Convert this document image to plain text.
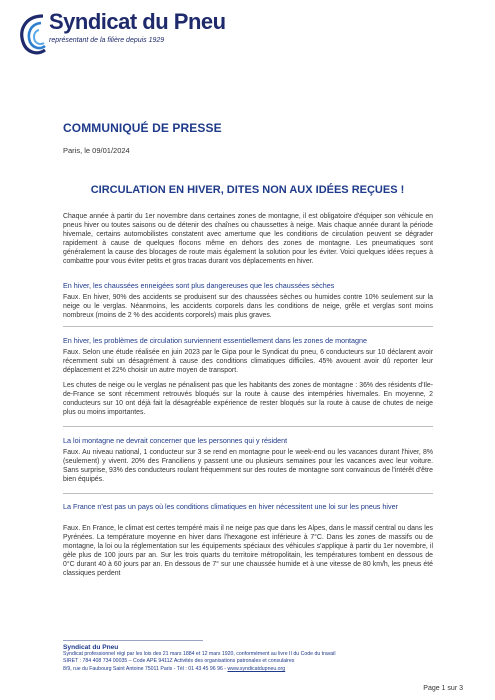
Syndicat du Pneu
représentant de la filière depuis 1929
COMMUNIQUÉ DE PRESSE
Paris, le 09/01/2024
CIRCULATION EN HIVER, DITES NON AUX IDÉES REÇUES !
Chaque année à partir du 1er novembre dans certaines zones de montagne, il est obligatoire d'équiper son véhicule en pneus hiver ou toutes saisons ou de détenir des chaînes ou chaussettes à neige. Mais chaque année durant la période hivernale, certains automobilistes constatent avec amertume que les conditions de circulation peuvent se dégrader rapidement à cause de quelques flocons même en dehors des zones de montagne. Les pneumatiques sont généralement la cause des blocages de route mais également la solution pour les éviter. Voici quelques idées reçues à combattre pour vous éviter petits et gros tracas durant vos déplacements en hiver.
En hiver, les chaussées enneigées sont plus dangereuses que les chaussées sèches
Faux. En hiver, 90% des accidents se produisent sur des chaussées sèches ou humides contre 10% seulement sur la neige ou le verglas. Néanmoins, les accidents corporels dans les conditions de neige, grêle et verglas sont moins nombreux (moins de 2 % des accidents corporels) mais plus graves.
En hiver, les problèmes de circulation surviennent essentiellement dans les zones de montagne
Faux. Selon une étude réalisée en juin 2023 par le Gipa pour le Syndicat du pneu, 6 conducteurs sur 10 déclarent avoir récemment subi un désagrément à cause des conditions climatiques difficiles. 45% avouent avoir dû reporter leur déplacement et 22% choisir un autre moyen de transport.
Les chutes de neige ou le verglas ne pénalisent pas que les habitants des zones de montagne : 36% des résidents d'Ile-de-France se sont récemment retrouvés bloqués sur la route à cause des intempéries hivernales. En moyenne, 2 conducteurs sur 10 ont déjà fait la désagréable expérience de rester bloqués sur la route à cause de chutes de neige plus ou moins importantes.
La loi montagne ne devrait concerner que les personnes qui y résident
Faux. Au niveau national, 1 conducteur sur 3 se rend en montagne pour le week-end ou les vacances durant l'hiver, 8% (seulement) y vivent. 20% des Franciliens y passent une ou plusieurs semaines pour les vacances avec leur voiture. Sans surprise, 93% des conducteurs roulant fréquemment sur des routes de montagne sont convaincus de l'intérêt d'être bien équipés.
La France n'est pas un pays où les conditions climatiques en hiver nécessitent une loi sur les pneus hiver
Faux. En France, le climat est certes tempéré mais il ne neige pas que dans les Alpes, dans le massif central ou dans les Pyrénées. La température moyenne en hiver dans l'hexagone est inférieure à 7°C. Dans les zones de massifs ou de montagne, la loi ou la réglementation sur les équipements spéciaux des véhicules s'applique à partir du 1er novembre, il gèle plus de 100 jours par an. Sur les trois quarts du territoire métropolitain, les températures tombent en dessous de 0°C durant 40 à 60 jours par an. En dessous de 7° sur une chaussée humide et à une vitesse de 80 km/h, les pneus été classiques perdent
Syndicat du Pneu
Syndicat professionnel régi par les lois des 21 mars 1884 et 12 mars 1920, conformément au livre II du Code du travail
SIRET : 784 408 734 00035 – Code APE 9411Z Activités des organisations patronales et consulaires
8/9, rue du Faubourg Saint Antoine 75011 Paris - Tél : 01 43 45 96 96 - www.syndicatdupneu.org
Page 1 sur 3
